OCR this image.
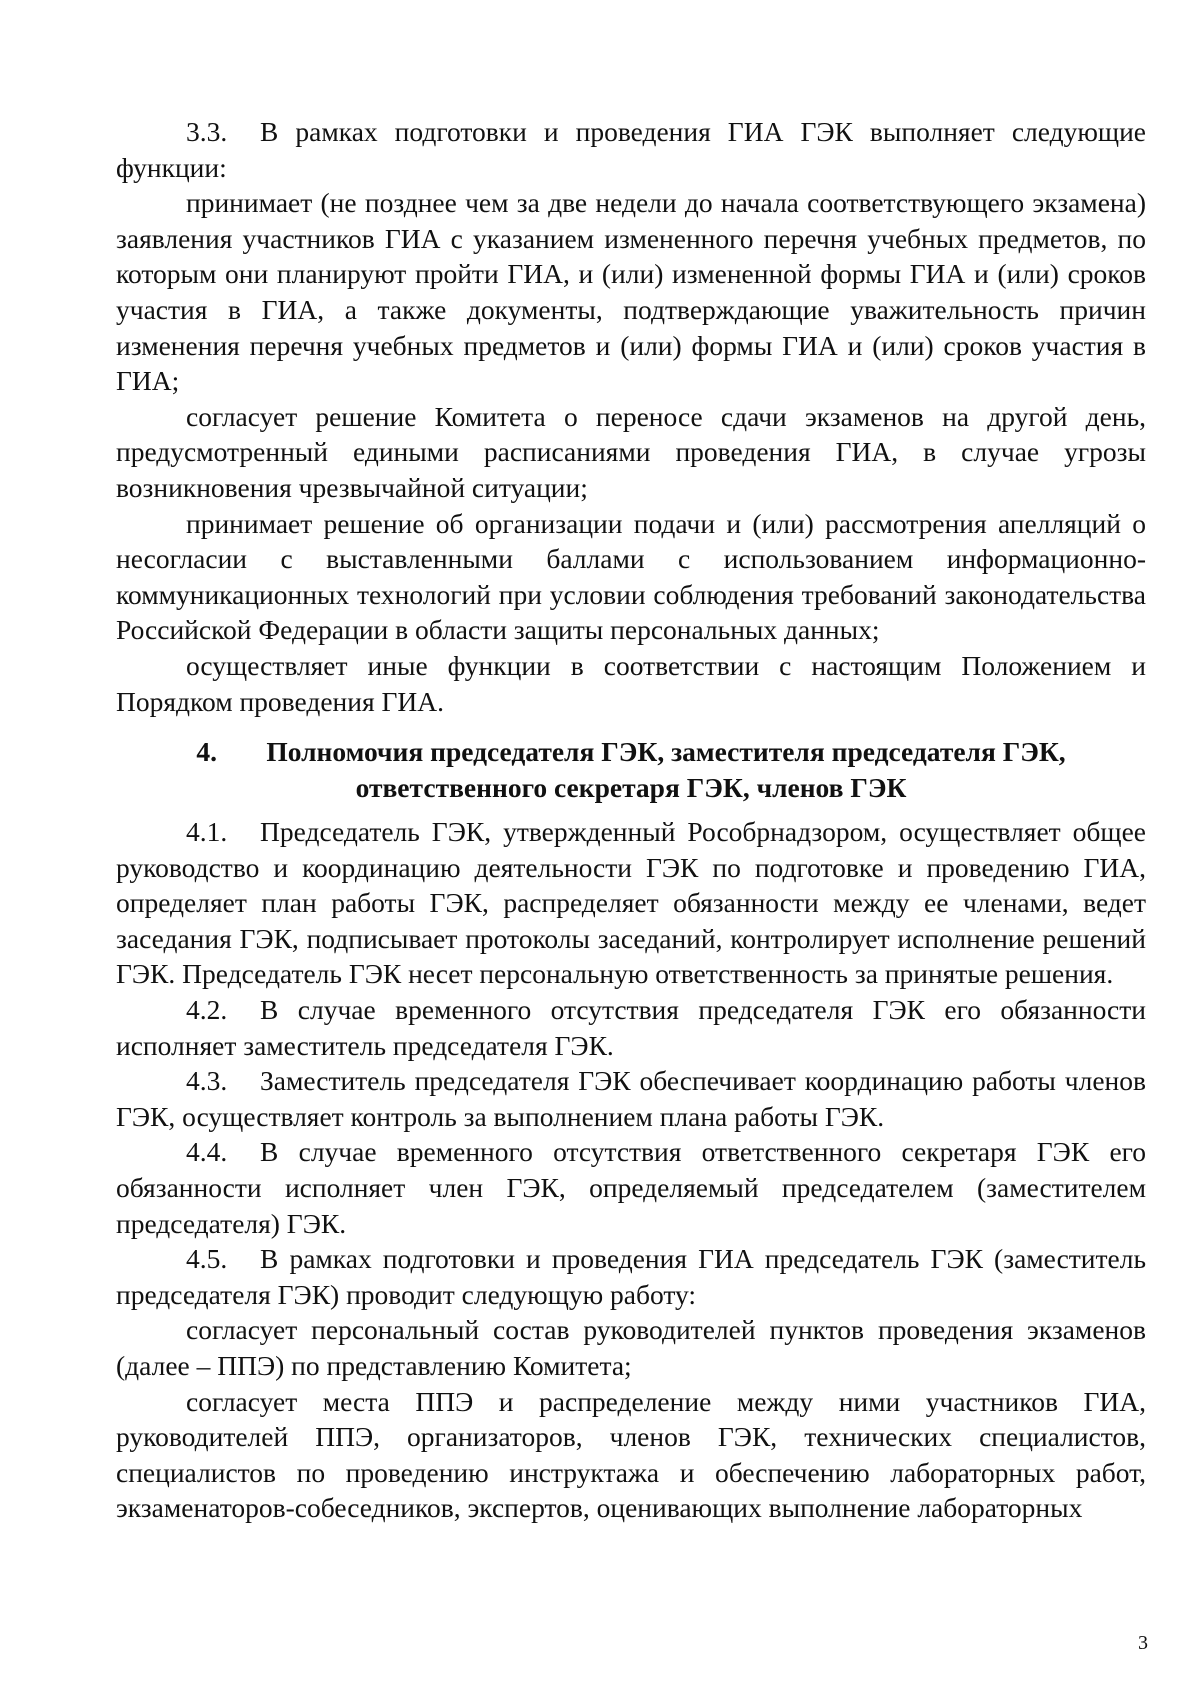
3.3. В рамках подготовки и проведения ГИА ГЭК выполняет следующие функции:

принимает (не позднее чем за две недели до начала соответствующего экзамена) заявления участников ГИА с указанием измененного перечня учебных предметов, по которым они планируют пройти ГИА, и (или) измененной формы ГИА и (или) сроков участия в ГИА, а также документы, подтверждающие уважительность причин изменения перечня учебных предметов и (или) формы ГИА и (или) сроков участия в ГИА;

согласует решение Комитета о переносе сдачи экзаменов на другой день, предусмотренный едиными расписаниями проведения ГИА, в случае угрозы возникновения чрезвычайной ситуации;

принимает решение об организации подачи и (или) рассмотрения апелляций о несогласии с выставленными баллами с использованием информационно-коммуникационных технологий при условии соблюдения требований законодательства Российской Федерации в области защиты персональных данных;

осуществляет иные функции в соответствии с настоящим Положением и Порядком проведения ГИА.

4. Полномочия председателя ГЭК, заместителя председателя ГЭК,
ответственного секретаря ГЭК, членов ГЭК

4.1. Председатель ГЭК, утвержденный Рособрнадзором, осуществляет общее руководство и координацию деятельности ГЭК по подготовке и проведению ГИА, определяет план работы ГЭК, распределяет обязанности между ее членами, ведет заседания ГЭК, подписывает протоколы заседаний, контролирует исполнение решений ГЭК. Председатель ГЭК несет персональную ответственность за принятые решения.

4.2. В случае временного отсутствия председателя ГЭК его обязанности исполняет заместитель председателя ГЭК.

4.3. Заместитель председателя ГЭК обеспечивает координацию работы членов ГЭК, осуществляет контроль за выполнением плана работы ГЭК.

4.4. В случае временного отсутствия ответственного секретаря ГЭК его обязанности исполняет член ГЭК, определяемый председателем (заместителем председателя) ГЭК.

4.5. В рамках подготовки и проведения ГИА председатель ГЭК (заместитель председателя ГЭК) проводит следующую работу:

согласует персональный состав руководителей пунктов проведения экзаменов (далее – ППЭ) по представлению Комитета;

согласует места ППЭ и распределение между ними участников ГИА, руководителей ППЭ, организаторов, членов ГЭК, технических специалистов, специалистов по проведению инструктажа и обеспечению лабораторных работ, экзаменаторов-собеседников, экспертов, оценивающих выполнение лабораторных

3
